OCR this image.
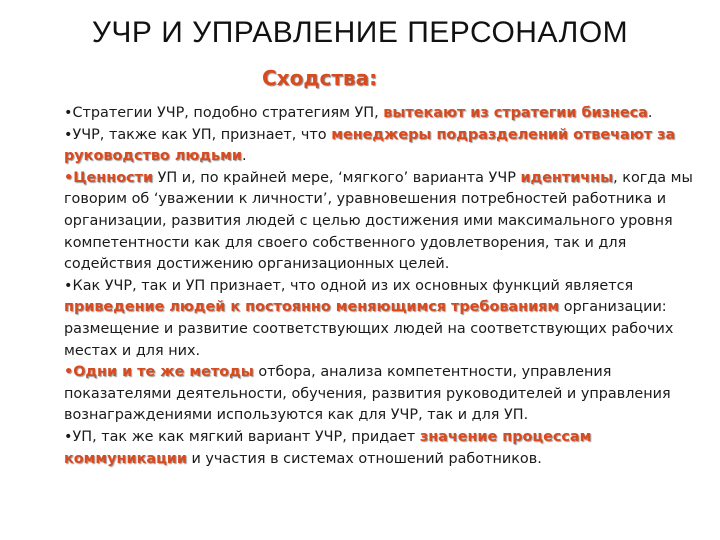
УЧР И УПРАВЛЕНИЕ ПЕРСОНАЛОМ
Сходства:

•Стратегии УЧР, подобно стратегиям УП, вытекают из стратегии бизнеса.

•УЧР, также как УП, признает, что менеджеры подразделений отвечают за руководство людьми.

•Ценности УП и, по крайней мере, ‘мягкого’ варианта УЧР идентичны, когда мы говорим об ‘уважении к личности’, уравновешения потребностей работника и организации, развития людей с целью достижения ими максимального уровня компетентности как для своего собственного удовлетворения, так и для содействия достижению организационных целей.

•Как УЧР, так и УП признает, что одной из их основных функций является приведение людей к постоянно меняющимся требованиям организации: размещение и развитие соответствующих людей на соответствующих рабочих местах и для них.

•Одни и те же методы отбора, анализа компетентности, управления показателями деятельности, обучения, развития руководителей и управления вознаграждениями используются как для УЧР, так и для УП.

•УП, так же как мягкий вариант УЧР, придает значение процессам коммуникации и участия в системах отношений работников.
